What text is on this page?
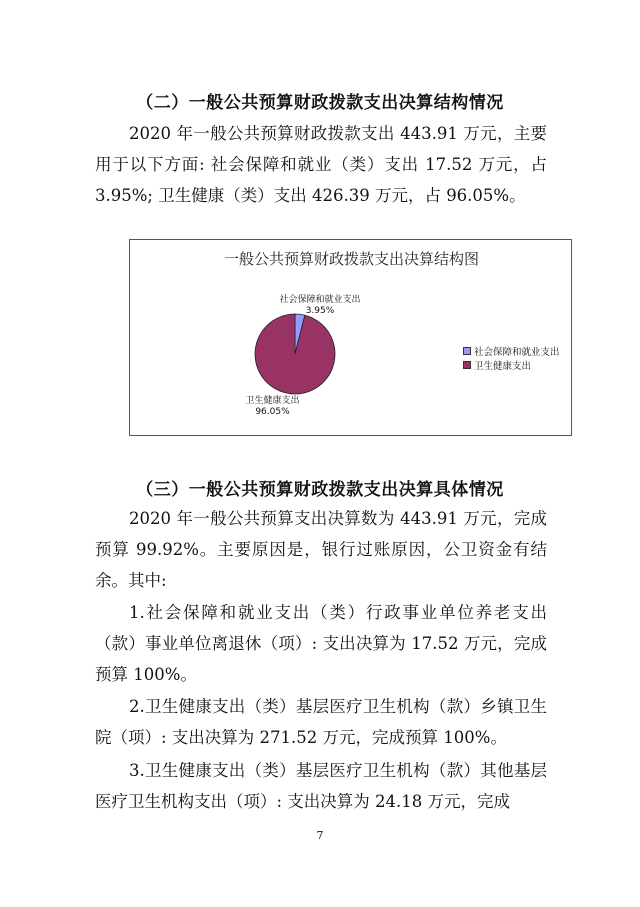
（二）一般公共预算财政拨款支出决算结构情况

2020 年一般公共预算财政拨款支出 443.91 万元，主要用于以下方面: 社会保障和就业（类）支出 17.52 万元，占 3.95%; 卫生健康（类）支出 426.39 万元，占 96.05%。

一般公共预算财政拨款支出决算结构图
社会保障和就业支出
3.95%
卫生健康支出
96.05%
社会保障和就业支出
卫生健康支出
（三）一般公共预算财政拨款支出决算具体情况

2020 年一般公共预算支出决算数为 443.91 万元，完成预算 99.92%。主要原因是，银行过账原因，公卫资金有结余。其中:

1.社会保障和就业支出（类）行政事业单位养老支出（款）事业单位离退休（项）: 支出决算为 17.52 万元，完成预算 100%。

2.卫生健康支出（类）基层医疗卫生机构（款）乡镇卫生院（项）: 支出决算为 271.52 万元，完成预算 100%。

3.卫生健康支出（类）基层医疗卫生机构（款）其他基层医疗卫生机构支出（项）: 支出决算为 24.18 万元，完成

7
